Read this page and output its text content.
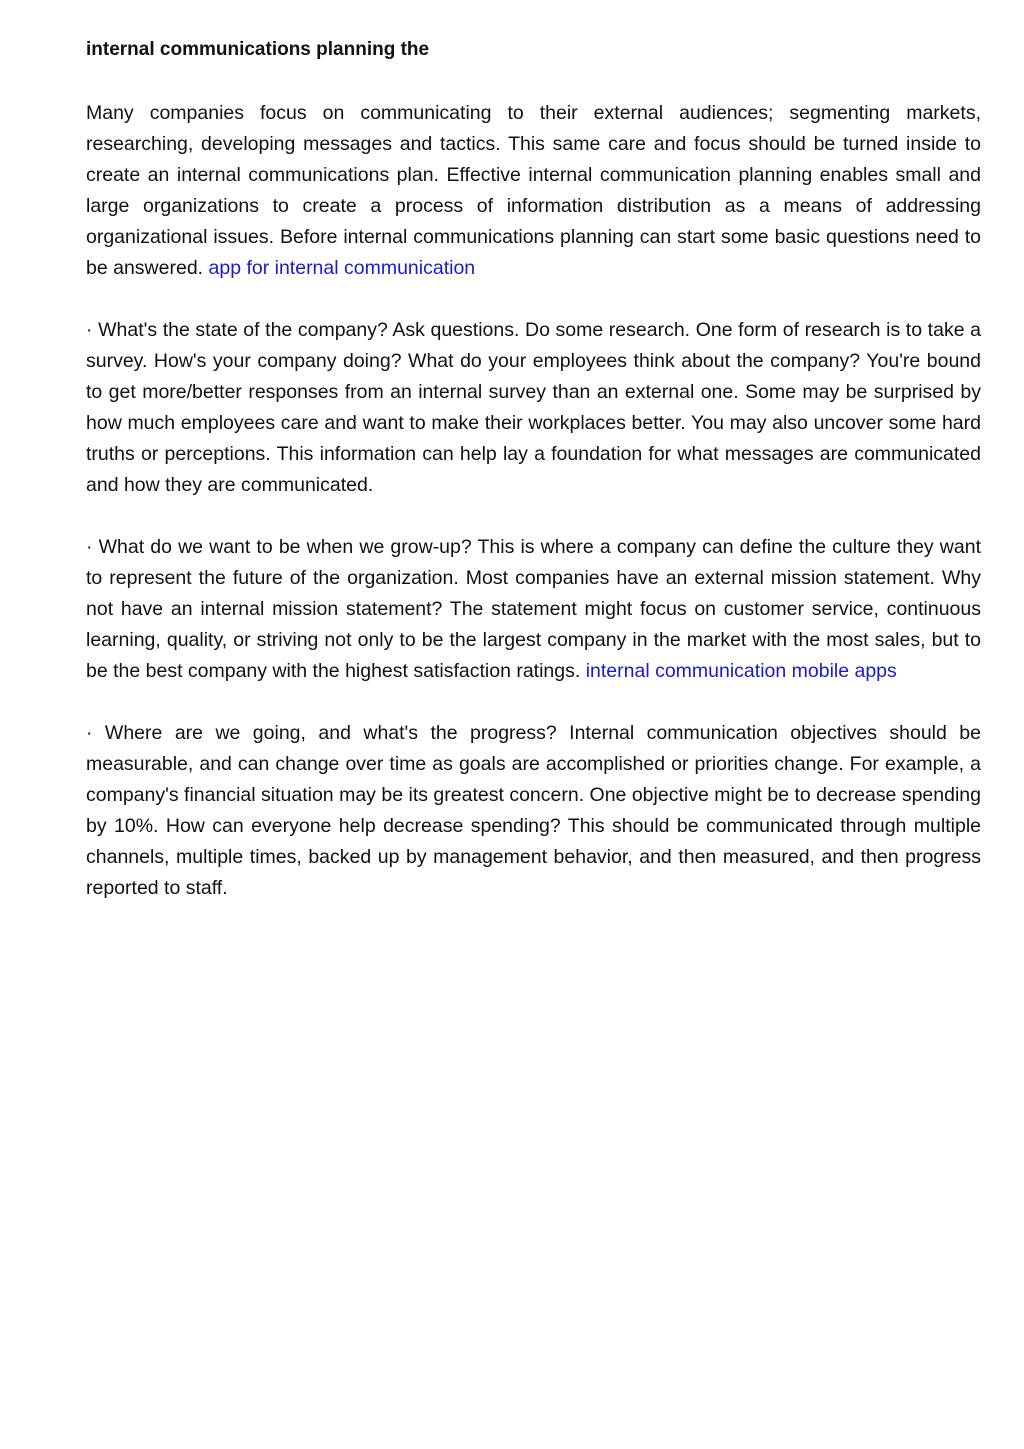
internal communications planning the

Many companies focus on communicating to their external audiences; segmenting markets, researching, developing messages and tactics. This same care and focus should be turned inside to create an internal communications plan. Effective internal communication planning enables small and large organizations to create a process of information distribution as a means of addressing organizational issues. Before internal communications planning can start some basic questions need to be answered. app for internal communication

· What's the state of the company? Ask questions. Do some research. One form of research is to take a survey. How's your company doing? What do your employees think about the company? You're bound to get more/better responses from an internal survey than an external one. Some may be surprised by how much employees care and want to make their workplaces better. You may also uncover some hard truths or perceptions. This information can help lay a foundation for what messages are communicated and how they are communicated.

· What do we want to be when we grow-up? This is where a company can define the culture they want to represent the future of the organization. Most companies have an external mission statement. Why not have an internal mission statement? The statement might focus on customer service, continuous learning, quality, or striving not only to be the largest company in the market with the most sales, but to be the best company with the highest satisfaction ratings. internal communication mobile apps

· Where are we going, and what's the progress? Internal communication objectives should be measurable, and can change over time as goals are accomplished or priorities change. For example, a company's financial situation may be its greatest concern. One objective might be to decrease spending by 10%. How can everyone help decrease spending? This should be communicated through multiple channels, multiple times, backed up by management behavior, and then measured, and then progress reported to staff.
